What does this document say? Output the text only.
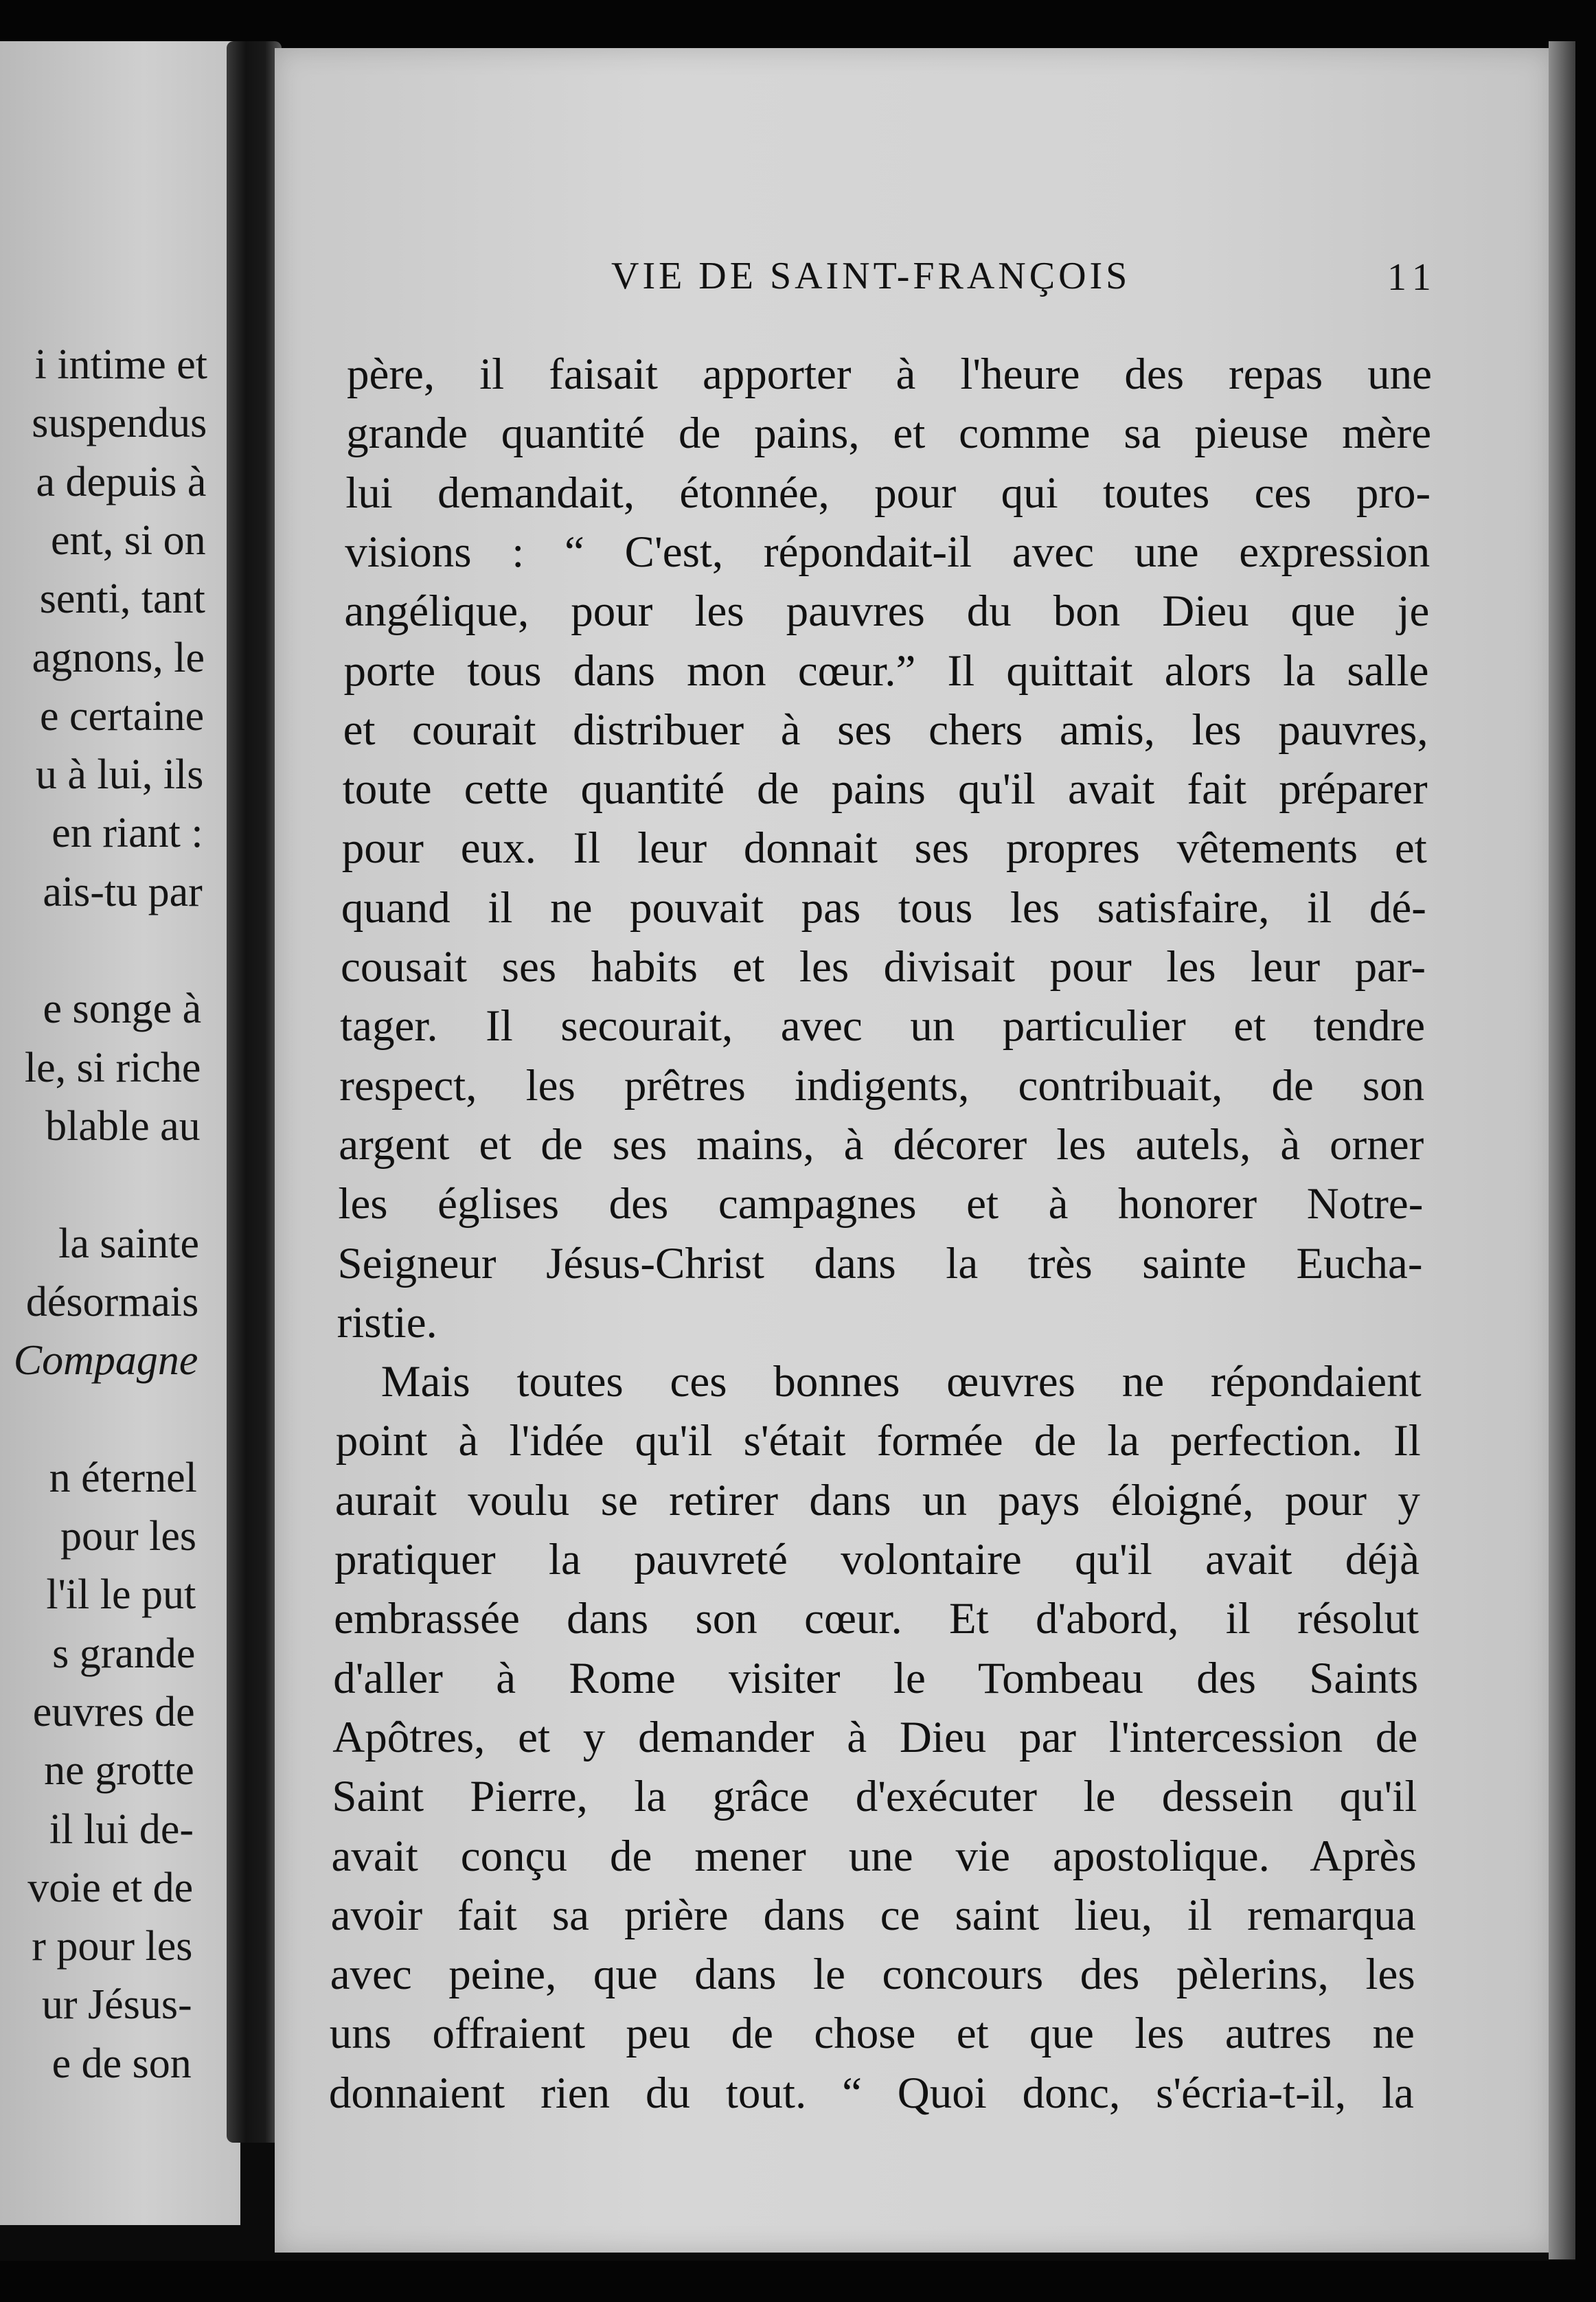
i intime et
suspendus
a depuis à
ent, si on
senti, tant
agnons, le
e certaine
u à lui, ils
en riant :
ais-tu par
e songe à
le, si riche
blable au
la sainte
désormais
Compagne
n éternel
pour les
l'il le put
s grande
euvres de
ne grotte
il lui de-
voie et de
r pour les
ur Jésus-
e de son
VIE DE SAINT-FRANÇOIS	11
père, il faisait apporter à l'heure des repas une
grande quantité de pains, et comme sa pieuse mère
lui demandait, étonnée, pour qui toutes ces pro-
visions : “ C'est, répondait-il avec une expression
angélique, pour les pauvres du bon Dieu que je
porte tous dans mon cœur.” Il quittait alors la salle
et courait distribuer à ses chers amis, les pauvres,
toute cette quantité de pains qu'il avait fait préparer
pour eux. Il leur donnait ses propres vêtements et
quand il ne pouvait pas tous les satisfaire, il dé-
cousait ses habits et les divisait pour les leur par-
tager. Il secourait, avec un particulier et tendre
respect, les prêtres indigents, contribuait, de son
argent et de ses mains, à décorer les autels, à orner
les églises des campagnes et à honorer Notre-
Seigneur Jésus-Christ dans la très sainte Eucha-
ristie.
Mais toutes ces bonnes œuvres ne répondaient
point à l'idée qu'il s'était formée de la perfection. Il
aurait voulu se retirer dans un pays éloigné, pour y
pratiquer la pauvreté volontaire qu'il avait déjà
embrassée dans son cœur. Et d'abord, il résolut
d'aller à Rome visiter le Tombeau des Saints
Apôtres, et y demander à Dieu par l'intercession de
Saint Pierre, la grâce d'exécuter le dessein qu'il
avait conçu de mener une vie apostolique. Après
avoir fait sa prière dans ce saint lieu, il remarqua
avec peine, que dans le concours des pèlerins, les
uns offraient peu de chose et que les autres ne
donnaient rien du tout. “ Quoi donc, s'écria-t-il, la
